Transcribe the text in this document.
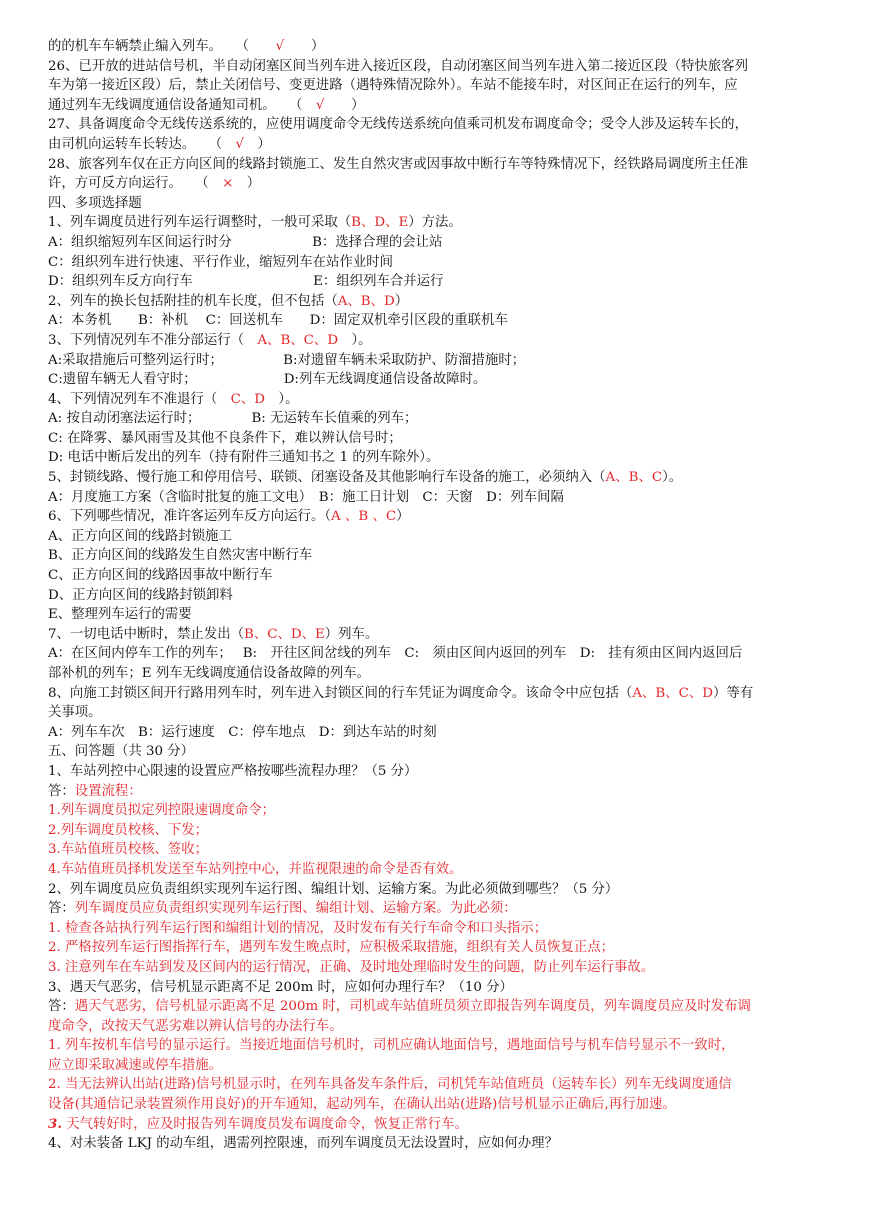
的的机车车辆禁止编入列车。　　（　　√　　）
26、已开放的进站信号机，半自动闭塞区间当列车进入接近区段，自动闭塞区间当列车进入第二接近区段（特快旅客列
车为第一接近区段）后，禁止关闭信号、变更进路（遇特殊情况除外）。车站不能接车时，对区间正在运行的列车，应
通过列车无线调度通信设备通知司机。　　（　√　　）
27、具备调度命令无线传送系统的，应使用调度命令无线传送系统向值乘司机发布调度命令；受令人涉及运转车长的，
由司机向运转车长转达。　　（　√　）
28、旅客列车仅在正方向区间的线路封锁施工、发生自然灾害或因事故中断行车等特殊情况下，经铁路局调度所主任准
许，方可反方向运行。　　（　×　）
四、多项选择题
1、列车调度员进行列车运行调整时，一般可采取（B、D、E）方法。
A：组织缩短列车区间运行时分　　　　　　B：选择合理的会让站
C：组织列车进行快速、平行作业，缩短列车在站作业时间
D：组织列车反方向行车　　　　　　　　　E：组织列车合并运行
2、列车的换长包括附挂的机车长度，但不包括（A、B、D）
A：本务机　　B：补机　 C：回送机车　　D：固定双机牵引区段的重联机车
3、下列情况列车不准分部运行（　A、B、C、D　）。
A:采取措施后可整列运行时；　　　　　B:对遗留车辆未采取防护、防溜措施时；
C:遗留车辆无人看守时；　　　　　　　D:列车无线调度通信设备故障时。
4、下列情况列车不准退行（　C、D　）。
A: 按自动闭塞法运行时；　　　　 B: 无运转车长值乘的列车；
C: 在降雾、暴风雨雪及其他不良条件下，难以辨认信号时；
D: 电话中断后发出的列车（持有附件三通知书之 1 的列车除外）。
5、封锁线路、慢行施工和停用信号、联锁、闭塞设备及其他影响行车设备的施工，必须纳入（A、B、C）。
A：月度施工方案（含临时批复的施工文电）　B：施工日计划　C：天窗　D：列车间隔
6、下列哪些情况，准许客运列车反方向运行。（A 、B 、C）
A、正方向区间的线路封锁施工
B、正方向区间的线路发生自然灾害中断行车
C、正方向区间的线路因事故中断行车
D、正方向区间的线路封锁卸料
E、整理列车运行的需要
7、一切电话中断时，禁止发出（B、C、D、E）列车。
A：在区间内停车工作的列车；　 B:　开往区间岔线的列车　C:　须由区间内返回的列车　D:　挂有须由区间内返回后
部补机的列车；E 列车无线调度通信设备故障的列车。
8、向施工封锁区间开行路用列车时，列车进入封锁区间的行车凭证为调度命令。该命令中应包括（A、B、C、D）等有
关事项。
A：列车车次　B：运行速度　C：停车地点　D：到达车站的时刻
五、问答题（共 30 分）
1、车站列控中心限速的设置应严格按哪些流程办理？（5 分）
答：设置流程：
1.列车调度员拟定列控限速调度命令；
2.列车调度员校核、下发；
3.车站值班员校核、签收；
4.车站值班员择机发送至车站列控中心，并监视限速的命令是否有效。
2、列车调度员应负责组织实现列车运行图、编组计划、运输方案。为此必须做到哪些？（5 分）
答：列车调度员应负责组织实现列车运行图、编组计划、运输方案。为此必须：
1. 检查各站执行列车运行图和编组计划的情况，及时发布有关行车命令和口头指示；
2. 严格按列车运行图指挥行车，遇列车发生晚点时，应积极采取措施，组织有关人员恢复正点；
3. 注意列车在车站到发及区间内的运行情况，正确、及时地处理临时发生的问题，防止列车运行事故。
3、遇天气恶劣，信号机显示距离不足 200m 时，应如何办理行车？（10 分）
答：遇天气恶劣，信号机显示距离不足 200m 时，司机或车站值班员须立即报告列车调度员，列车调度员应及时发布调
度命令，改按天气恶劣难以辨认信号的办法行车。
1. 列车按机车信号的显示运行。当接近地面信号机时，司机应确认地面信号，遇地面信号与机车信号显示不一致时，
应立即采取减速或停车措施。
2. 当无法辨认出站(进路)信号机显示时，在列车具备发车条件后，司机凭车站值班员（运转车长）列车无线调度通信
设备(其通信记录装置须作用良好)的开车通知，起动列车，在确认出站(进路)信号机显示正确后,再行加速。
3. 天气转好时，应及时报告列车调度员发布调度命令，恢复正常行车。
4、对未装备 LKJ 的动车组，遇需列控限速，而列车调度员无法设置时，应如何办理？
